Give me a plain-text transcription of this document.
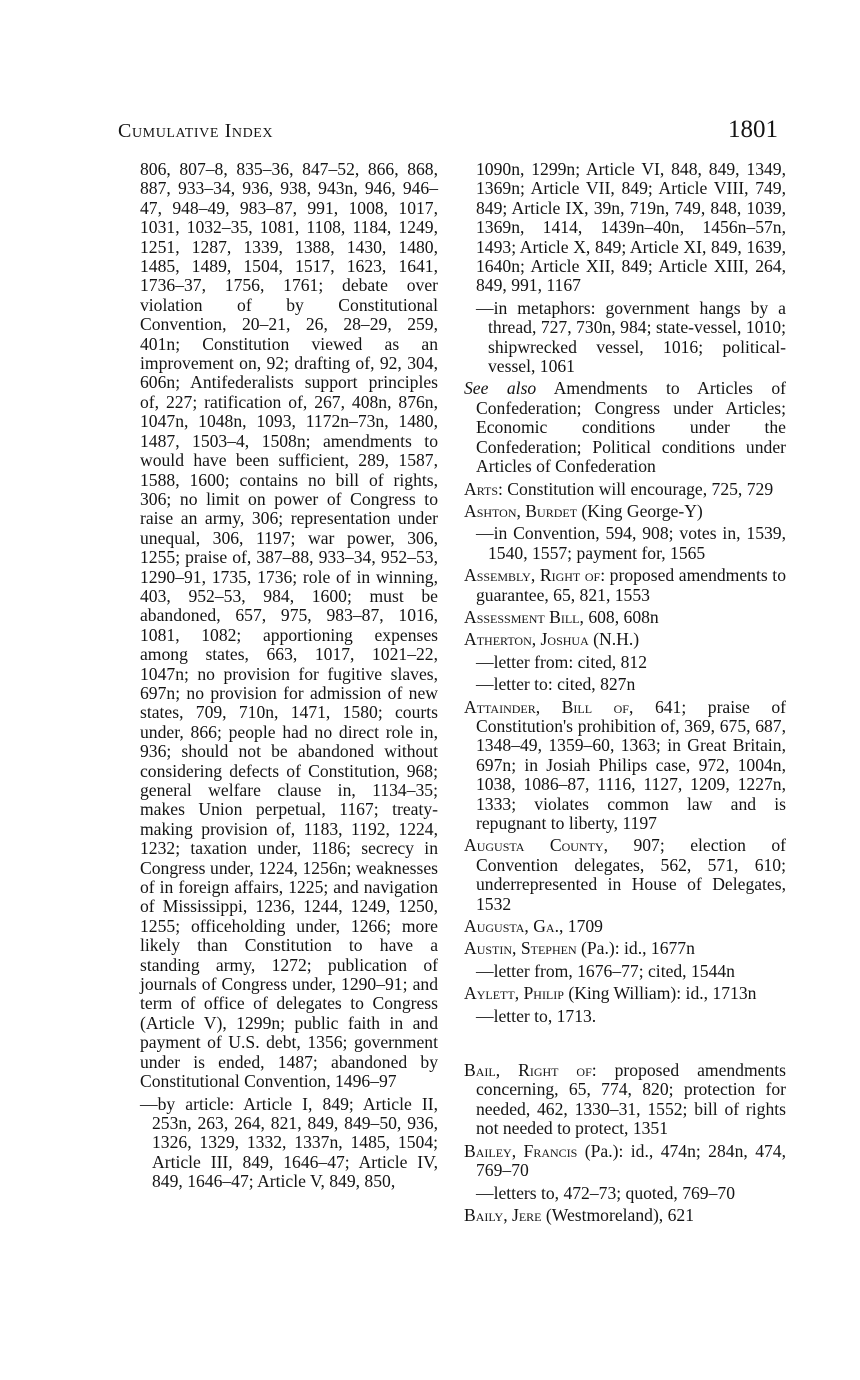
Cumulative Index	1801

806, 807–8, 835–36, 847–52, 866, 868, 887, 933–34, 936, 938, 943n, 946, 946–47, 948–49, 983–87, 991, 1008, 1017, 1031, 1032–35, 1081, 1108, 1184, 1249, 1251, 1287, 1339, 1388, 1430, 1480, 1485, 1489, 1504, 1517, 1623, 1641, 1736–37, 1756, 1761; debate over violation of by Constitutional Convention, 20–21, 26, 28–29, 259, 401n; Constitution viewed as an improvement on, 92; drafting of, 92, 304, 606n; Antifederalists support principles of, 227; ratification of, 267, 408n, 876n, 1047n, 1048n, 1093, 1172n–73n, 1480, 1487, 1503–4, 1508n; amendments to would have been sufficient, 289, 1587, 1588, 1600; contains no bill of rights, 306; no limit on power of Congress to raise an army, 306; representation under unequal, 306, 1197; war power, 306, 1255; praise of, 387–88, 933–34, 952–53, 1290–91, 1735, 1736; role of in winning, 403, 952–53, 984, 1600; must be abandoned, 657, 975, 983–87, 1016, 1081, 1082; apportioning expenses among states, 663, 1017, 1021–22, 1047n; no provision for fugitive slaves, 697n; no provision for admission of new states, 709, 710n, 1471, 1580; courts under, 866; people had no direct role in, 936; should not be abandoned without considering defects of Constitution, 968; general welfare clause in, 1134–35; makes Union perpetual, 1167; treaty-making provision of, 1183, 1192, 1224, 1232; taxation under, 1186; secrecy in Congress under, 1224, 1256n; weaknesses of in foreign affairs, 1225; and navigation of Mississippi, 1236, 1244, 1249, 1250, 1255; officeholding under, 1266; more likely than Constitution to have a standing army, 1272; publication of journals of Congress under, 1290–91; and term of office of delegates to Congress (Article V), 1299n; public faith in and payment of U.S. debt, 1356; government under is ended, 1487; abandoned by Constitutional Convention, 1496–97

—by article: Article I, 849; Article II, 253n, 263, 264, 821, 849, 849–50, 936, 1326, 1329, 1332, 1337n, 1485, 1504; Article III, 849, 1646–47; Article IV, 849, 1646–47; Article V, 849, 850,

1090n, 1299n; Article VI, 848, 849, 1349, 1369n; Article VII, 849; Article VIII, 749, 849; Article IX, 39n, 719n, 749, 848, 1039, 1369n, 1414, 1439n–40n, 1456n–57n, 1493; Article X, 849; Article XI, 849, 1639, 1640n; Article XII, 849; Article XIII, 264, 849, 991, 1167

—in metaphors: government hangs by a thread, 727, 730n, 984; state-vessel, 1010; shipwrecked vessel, 1016; political-vessel, 1061

See also Amendments to Articles of Confederation; Congress under Articles; Economic conditions under the Confederation; Political conditions under Articles of Confederation

Arts: Constitution will encourage, 725, 729

Ashton, Burdet (King George-Y)

—in Convention, 594, 908; votes in, 1539, 1540, 1557; payment for, 1565

Assembly, Right of: proposed amendments to guarantee, 65, 821, 1553

Assessment Bill, 608, 608n

Atherton, Joshua (N.H.)

—letter from: cited, 812

—letter to: cited, 827n

Attainder, Bill of, 641; praise of Constitution's prohibition of, 369, 675, 687, 1348–49, 1359–60, 1363; in Great Britain, 697n; in Josiah Philips case, 972, 1004n, 1038, 1086–87, 1116, 1127, 1209, 1227n, 1333; violates common law and is repugnant to liberty, 1197

Augusta County, 907; election of Convention delegates, 562, 571, 610; underrepresented in House of Delegates, 1532

Augusta, Ga., 1709

Austin, Stephen (Pa.): id., 1677n

—letter from, 1676–77; cited, 1544n

Aylett, Philip (King William): id., 1713n

—letter to, 1713.

Bail, Right of: proposed amendments concerning, 65, 774, 820; protection for needed, 462, 1330–31, 1552; bill of rights not needed to protect, 1351

Bailey, Francis (Pa.): id., 474n; 284n, 474, 769–70

—letters to, 472–73; quoted, 769–70

Baily, Jere (Westmoreland), 621
